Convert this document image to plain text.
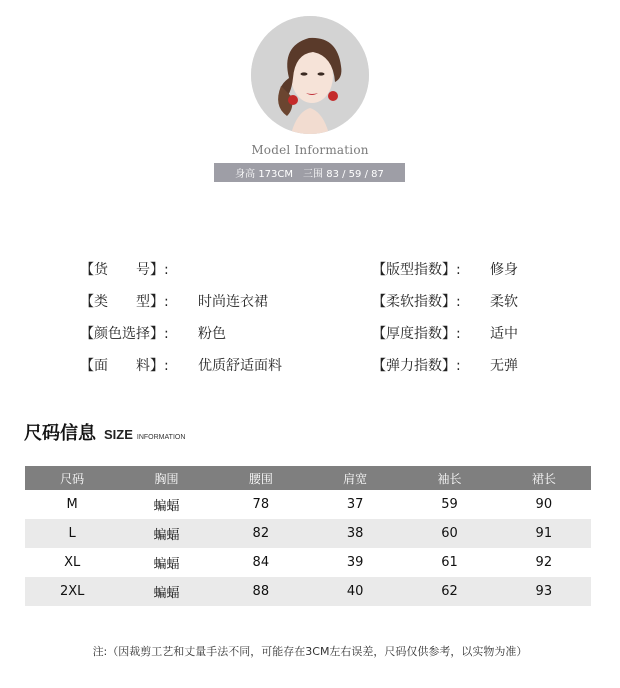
Model Information
身高 173CM 三围 83 / 59 / 87
【货　　号】:
【类　　型】: 时尚连衣裙
【颜色选择】: 粉色
【面　　料】: 优质舒适面料
【版型指数】: 修身
【柔软指数】: 柔软
【厚度指数】: 适中
【弹力指数】: 无弹
尺码信息 SIZE INFORMATION
尺码	胸围	腰围	肩宽	袖长	裙长
M	蝙蝠	78	37	59	90
L	蝙蝠	82	38	60	91
XL	蝙蝠	84	39	61	92
2XL	蝙蝠	88	40	62	93
注:（因裁剪工艺和丈量手法不同，可能存在3CM左右误差，尺码仅供参考，以实物为准）
